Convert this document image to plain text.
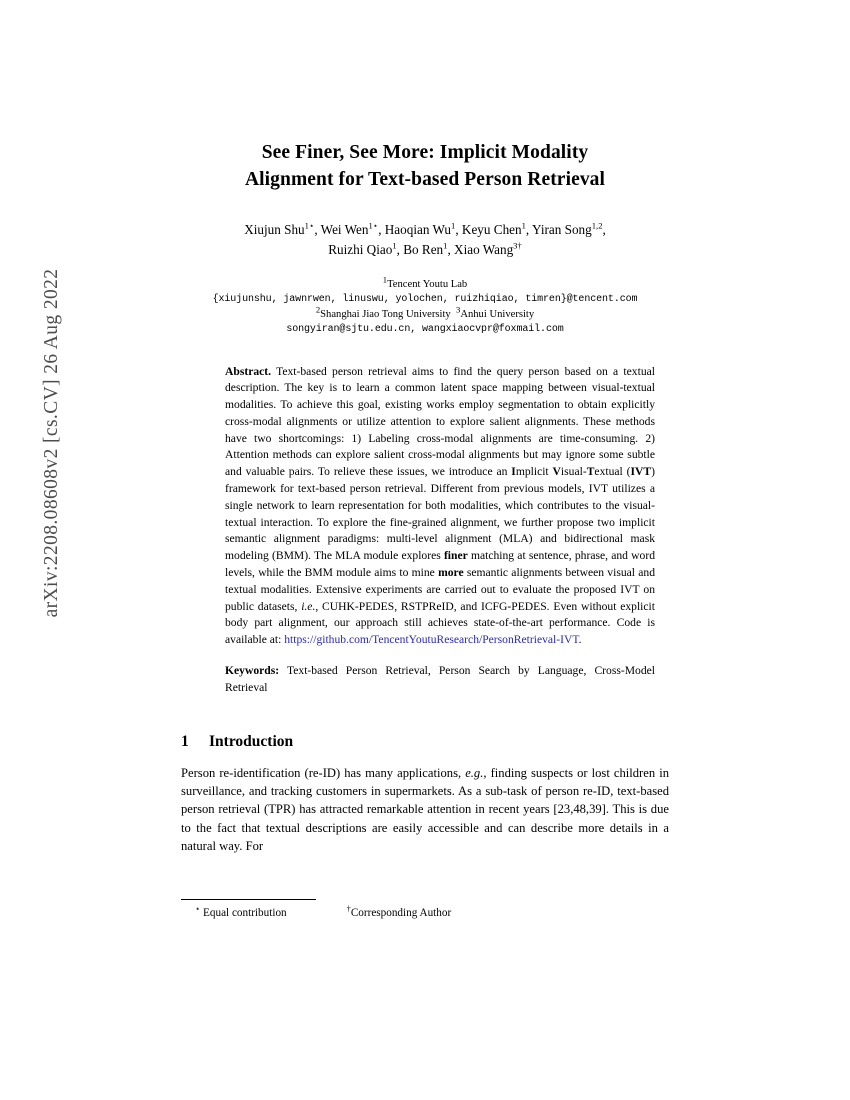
arXiv:2208.08608v2 [cs.CV] 26 Aug 2022
See Finer, See More: Implicit Modality
Alignment for Text-based Person Retrieval
Xiujun Shu$^{1⋆}$, Wei Wen$^{1⋆}$, Haoqian Wu$^1$, Keyu Chen$^1$, Yiran Song$^{1,2}$,
Ruizhi Qiao$^1$, Bo Ren$^1$, Xiao Wang$^{3\dagger}$
$^1$Tencent Youtu Lab
{xiujunshu, jawnrwen, linuswu, yolochen, ruizhiqiao, timren}@tencent.com
$^2$Shanghai Jiao Tong University $^3$Anhui University
songyiran@sjtu.edu.cn, wangxiaocvpr@foxmail.com
Abstract. Text-based person retrieval aims to find the query person based on a textual description. The key is to learn a common latent space mapping between visual-textual modalities. To achieve this goal, existing works employ segmentation to obtain explicitly cross-modal alignments or utilize attention to explore salient alignments. These methods have two shortcomings: 1) Labeling cross-modal alignments are time-consuming. 2) Attention methods can explore salient cross-modal alignments but may ignore some subtle and valuable pairs. To relieve these issues, we introduce an Implicit Visual-Textual (IVT) framework for text-based person retrieval. Different from previous models, IVT utilizes a single network to learn representation for both modalities, which contributes to the visual-textual interaction. To explore the fine-grained alignment, we further propose two implicit semantic alignment paradigms: multi-level alignment (MLA) and bidirectional mask modeling (BMM). The MLA module explores finer matching at sentence, phrase, and word levels, while the BMM module aims to mine more semantic alignments between visual and textual modalities. Extensive experiments are carried out to evaluate the proposed IVT on public datasets, i.e., CUHK-PEDES, RSTPReID, and ICFG-PEDES. Even without explicit body part alignment, our approach still achieves state-of-the-art performance. Code is available at: https://github.com/TencentYoutuResearch/PersonRetrieval-IVT.
Keywords: Text-based Person Retrieval, Person Search by Language, Cross-Model Retrieval
1 Introduction

Person re-identification (re-ID) has many applications, e.g., finding suspects or lost children in surveillance, and tracking customers in supermarkets. As a sub-task of person re-ID, text-based person retrieval (TPR) has attracted remarkable attention in recent years [23,48,39]. This is due to the fact that textual descriptions are easily accessible and can describe more details in a natural way. For

⋆ Equal contribution	†Corresponding Author
